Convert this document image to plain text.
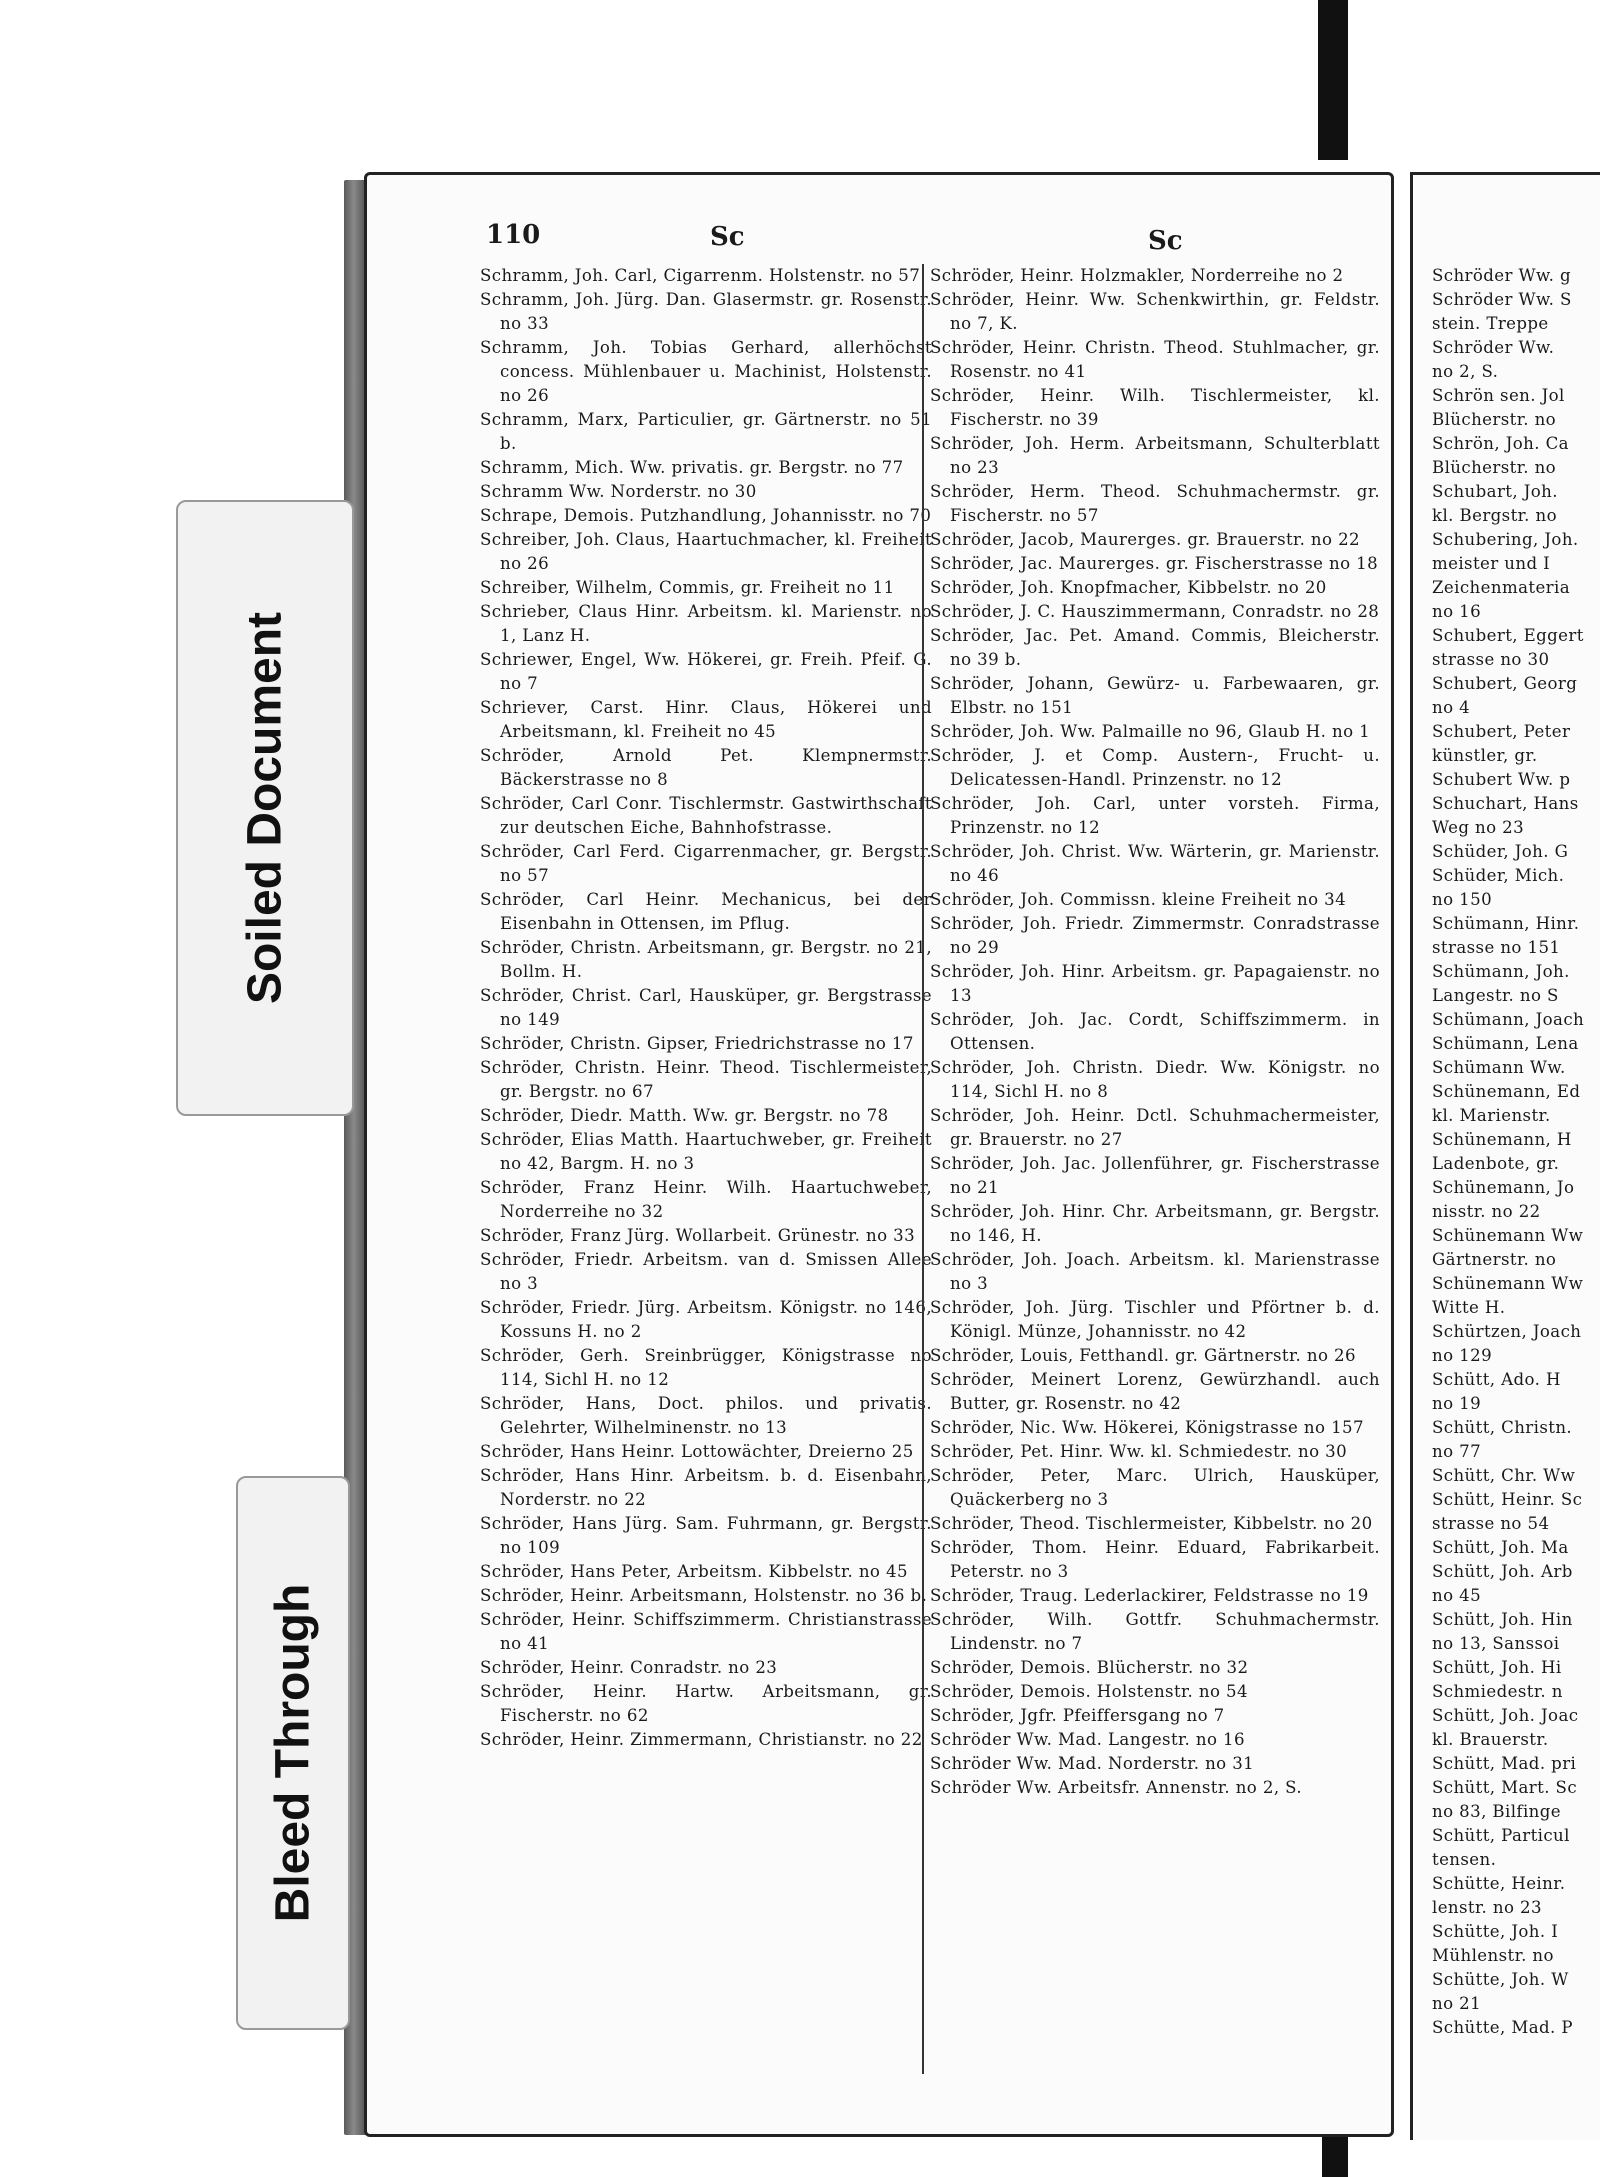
110	Sc	Sc

Schramm, Joh. Carl, Cigarrenm. Holstenstr. no 57

Schramm, Joh. Jürg. Dan. Glasermstr. gr. Rosenstr. no 33

Schramm, Joh. Tobias Gerhard, allerhöchst concess. Mühlenbauer u. Machinist, Holstenstr. no 26

Schramm, Marx, Particulier, gr. Gärtnerstr. no 51 b.

Schramm, Mich. Ww. privatis. gr. Bergstr. no 77

Schramm Ww. Norderstr. no 30

Schrape, Demois. Putzhandlung, Johannisstr. no 70

Schreiber, Joh. Claus, Haartuchmacher, kl. Freiheit no 26

Schreiber, Wilhelm, Commis, gr. Freiheit no 11

Schrieber, Claus Hinr. Arbeitsm. kl. Marienstr. no 1, Lanz H.

Schriewer, Engel, Ww. Hökerei, gr. Freih. Pfeif. G. no 7

Schriever, Carst. Hinr. Claus, Hökerei und Arbeitsmann, kl. Freiheit no 45

Schröder, Arnold Pet. Klempnermstr. Bäckerstrasse no 8

Schröder, Carl Conr. Tischlermstr. Gastwirthschaft zur deutschen Eiche, Bahnhofstrasse.

Schröder, Carl Ferd. Cigarrenmacher, gr. Bergstr. no 57

Schröder, Carl Heinr. Mechanicus, bei der Eisenbahn in Ottensen, im Pflug.

Schröder, Christn. Arbeitsmann, gr. Bergstr. no 21, Bollm. H.

Schröder, Christ. Carl, Hausküper, gr. Bergstrasse no 149

Schröder, Christn. Gipser, Friedrichstrasse no 17

Schröder, Christn. Heinr. Theod. Tischlermeister, gr. Bergstr. no 67

Schröder, Diedr. Matth. Ww. gr. Bergstr. no 78

Schröder, Elias Matth. Haartuchweber, gr. Freiheit no 42, Bargm. H. no 3

Schröder, Franz Heinr. Wilh. Haartuchweber, Norderreihe no 32

Schröder, Franz Jürg. Wollarbeit. Grünestr. no 33

Schröder, Friedr. Arbeitsm. van d. Smissen Allee no 3

Schröder, Friedr. Jürg. Arbeitsm. Königstr. no 146, Kossuns H. no 2

Schröder, Gerh. Sreinbrügger, Königstrasse no 114, Sichl H. no 12

Schröder, Hans, Doct. philos. und privatis. Gelehrter, Wilhelminenstr. no 13

Schröder, Hans Heinr. Lottowächter, Dreierno 25

Schröder, Hans Hinr. Arbeitsm. b. d. Eisenbahn, Norderstr. no 22

Schröder, Hans Jürg. Sam. Fuhrmann, gr. Bergstr. no 109

Schröder, Hans Peter, Arbeitsm. Kibbelstr. no 45

Schröder, Heinr. Arbeitsmann, Holstenstr. no 36 b.

Schröder, Heinr. Schiffszimmerm. Christianstrasse no 41

Schröder, Heinr. Conradstr. no 23

Schröder, Heinr. Hartw. Arbeitsmann, gr. Fischerstr. no 62

Schröder, Heinr. Zimmermann, Christianstr. no 22

Schröder, Heinr. Holzmakler, Norderreihe no 2

Schröder, Heinr. Ww. Schenkwirthin, gr. Feldstr. no 7, K.

Schröder, Heinr. Christn. Theod. Stuhlmacher, gr. Rosenstr. no 41

Schröder, Heinr. Wilh. Tischlermeister, kl. Fischerstr. no 39

Schröder, Joh. Herm. Arbeitsmann, Schulterblatt no 23

Schröder, Herm. Theod. Schuhmachermstr. gr. Fischerstr. no 57

Schröder, Jacob, Maurerges. gr. Brauerstr. no 22

Schröder, Jac. Maurerges. gr. Fischerstrasse no 18

Schröder, Joh. Knopfmacher, Kibbelstr. no 20

Schröder, J. C. Hauszimmermann, Conradstr. no 28

Schröder, Jac. Pet. Amand. Commis, Bleicherstr. no 39 b.

Schröder, Johann, Gewürz- u. Farbewaaren, gr. Elbstr. no 151

Schröder, Joh. Ww. Palmaille no 96, Glaub H. no 1

Schröder, J. et Comp. Austern-, Frucht- u. Delicatessen-Handl. Prinzenstr. no 12

Schröder, Joh. Carl, unter vorsteh. Firma, Prinzenstr. no 12

Schröder, Joh. Christ. Ww. Wärterin, gr. Marienstr. no 46

Schröder, Joh. Commissn. kleine Freiheit no 34

Schröder, Joh. Friedr. Zimmermstr. Conradstrasse no 29

Schröder, Joh. Hinr. Arbeitsm. gr. Papagaienstr. no 13

Schröder, Joh. Jac. Cordt, Schiffszimmerm. in Ottensen.

Schröder, Joh. Christn. Diedr. Ww. Königstr. no 114, Sichl H. no 8

Schröder, Joh. Heinr. Dctl. Schuhmachermeister, gr. Brauerstr. no 27

Schröder, Joh. Jac. Jollenführer, gr. Fischerstrasse no 21

Schröder, Joh. Hinr. Chr. Arbeitsmann, gr. Bergstr. no 146, H.

Schröder, Joh. Joach. Arbeitsm. kl. Marienstrasse no 3

Schröder, Joh. Jürg. Tischler und Pförtner b. d. Königl. Münze, Johannisstr. no 42

Schröder, Louis, Fetthandl. gr. Gärtnerstr. no 26

Schröder, Meinert Lorenz, Gewürzhandl. auch Butter, gr. Rosenstr. no 42

Schröder, Nic. Ww. Hökerei, Königstrasse no 157

Schröder, Pet. Hinr. Ww. kl. Schmiedestr. no 30

Schröder, Peter, Marc. Ulrich, Hausküper, Quäckerberg no 3

Schröder, Theod. Tischlermeister, Kibbelstr. no 20

Schröder, Thom. Heinr. Eduard, Fabrikarbeit. Peterstr. no 3

Schröder, Traug. Lederlackirer, Feldstrasse no 19

Schröder, Wilh. Gottfr. Schuhmachermstr. Lindenstr. no 7

Schröder, Demois. Blücherstr. no 32

Schröder, Demois. Holstenstr. no 54

Schröder, Jgfr. Pfeiffersgang no 7

Schröder Ww. Mad. Langestr. no 16

Schröder Ww. Mad. Norderstr. no 31

Schröder Ww. Arbeitsfr. Annenstr. no 2, S.

Schröder Ww. g

Schröder Ww. S

stein. Treppe

Schröder Ww.

no 2, S.

Schrön sen. Jol

Blücherstr. no

Schrön, Joh. Ca

Blücherstr. no

Schubart, Joh.

kl. Bergstr. no

Schubering, Joh.

meister und I

Zeichenmateria

no 16

Schubert, Eggert

strasse no 30

Schubert, Georg

no 4

Schubert, Peter

künstler, gr.

Schubert Ww. p

Schuchart, Hans

Weg no 23

Schüder, Joh. G

Schüder, Mich.

no 150

Schümann, Hinr.

strasse no 151

Schümann, Joh.

Langestr. no S

Schümann, Joach

Schümann, Lena

Schümann Ww.

Schünemann, Ed

kl. Marienstr.

Schünemann, H

Ladenbote, gr.

Schünemann, Jo

nisstr. no 22

Schünemann Ww

Gärtnerstr. no

Schünemann Ww

Witte H.

Schürtzen, Joach

no 129

Schütt, Ado. H

no 19

Schütt, Christn.

no 77

Schütt, Chr. Ww

Schütt, Heinr. Sc

strasse no 54

Schütt, Joh. Ma

Schütt, Joh. Arb

no 45

Schütt, Joh. Hin

no 13, Sanssoi

Schütt, Joh. Hi

Schmiedestr. n

Schütt, Joh. Joac

kl. Brauerstr.

Schütt, Mad. pri

Schütt, Mart. Sc

no 83, Bilfinge

Schütt, Particul

tensen.

Schütte, Heinr.

lenstr. no 23

Schütte, Joh. I

Mühlenstr. no

Schütte, Joh. W

no 21

Schütte, Mad. P

Soiled Document
Bleed Through
